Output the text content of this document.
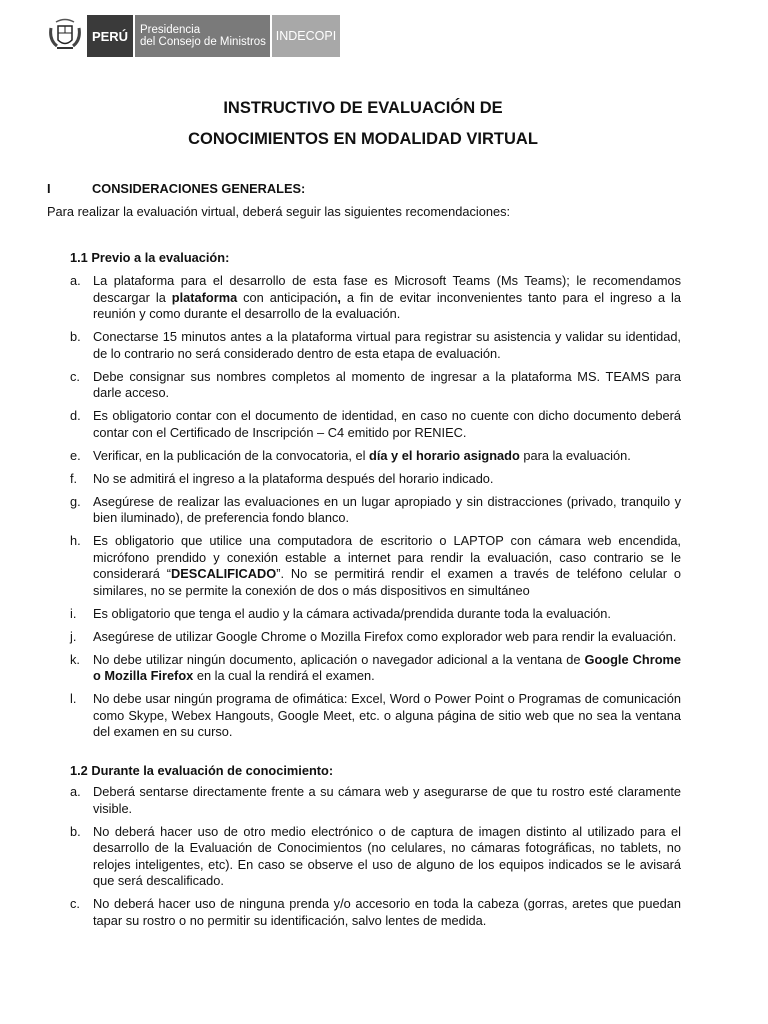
PERÚ	Presidencia
del Consejo de Ministros INDECOPI
INSTRUCTIVO DE EVALUACIÓN DE
CONOCIMIENTOS EN MODALIDAD VIRTUAL
I	CONSIDERACIONES GENERALES:
Para realizar la evaluación virtual, deberá seguir las siguientes recomendaciones:
1.1 Previo a la evaluación:
a. La plataforma para el desarrollo de esta fase es Microsoft Teams (Ms Teams); le recomendamos descargar la plataforma con anticipación, a fin de evitar inconvenientes tanto para el ingreso a la reunión y como durante el desarrollo de la evaluación.
b. Conectarse 15 minutos antes a la plataforma virtual para registrar su asistencia y validar su identidad, de lo contrario no será considerado dentro de esta etapa de evaluación.
c. Debe consignar sus nombres completos al momento de ingresar a la plataforma MS. TEAMS para darle acceso.
d. Es obligatorio contar con el documento de identidad, en caso no cuente con dicho documento deberá contar con el Certificado de Inscripción – C4 emitido por RENIEC.
e. Verificar, en la publicación de la convocatoria, el día y el horario asignado para la evaluación.
f. No se admitirá el ingreso a la plataforma después del horario indicado.
g. Asegúrese de realizar las evaluaciones en un lugar apropiado y sin distracciones (privado, tranquilo y bien iluminado), de preferencia fondo blanco.
h. Es obligatorio que utilice una computadora de escritorio o LAPTOP con cámara web encendida, micrófono prendido y conexión estable a internet para rendir la evaluación, caso contrario se le considerará “DESCALIFICADO”. No se permitirá rendir el examen a través de teléfono celular o similares, no se permite la conexión de dos o más dispositivos en simultáneo
i. Es obligatorio que tenga el audio y la cámara activada/prendida durante toda la evaluación.
j. Asegúrese de utilizar Google Chrome o Mozilla Firefox como explorador web para rendir la evaluación.
k. No debe utilizar ningún documento, aplicación o navegador adicional a la ventana de Google Chrome o Mozilla Firefox en la cual la rendirá el examen.
l. No debe usar ningún programa de ofimática: Excel, Word o Power Point o Programas de comunicación como Skype, Webex Hangouts, Google Meet, etc. o alguna página de sitio web que no sea la ventana del examen en su curso.
1.2 Durante la evaluación de conocimiento:
a. Deberá sentarse directamente frente a su cámara web y asegurarse de que tu rostro esté claramente visible.
b. No deberá hacer uso de otro medio electrónico o de captura de imagen distinto al utilizado para el desarrollo de la Evaluación de Conocimientos (no celulares, no cámaras fotográficas, no tablets, no relojes inteligentes, etc). En caso se observe el uso de alguno de los equipos indicados se le avisará que será descalificado.
c. No deberá hacer uso de ninguna prenda y/o accesorio en toda la cabeza (gorras, aretes que puedan tapar su rostro o no permitir su identificación, salvo lentes de medida.
